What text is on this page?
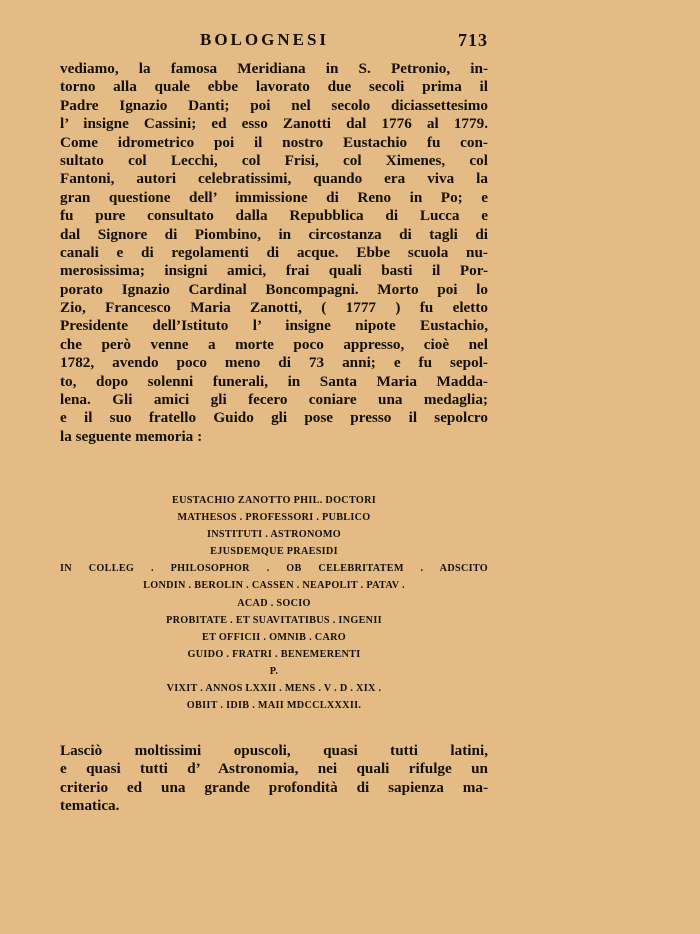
BOLOGNESI	713
vediamo, la famosa Meridiana in S. Petronio, in-
torno alla quale ebbe lavorato due secoli prima il
Padre Ignazio Danti; poi nel secolo diciassettesimo
l’ insigne Cassini; ed esso Zanotti dal 1776 al 1779.
Come idrometrico poi il nostro Eustachio fu con-
sultato col Lecchi, col Frisi, col Ximenes, col
Fantoni, autori celebratissimi, quando era viva la
gran questione dell’ immissione di Reno in Po; e
fu pure consultato dalla Repubblica di Lucca e
dal Signore di Piombino, in circostanza di tagli di
canali e di regolamenti di acque. Ebbe scuola nu-
merosissima; insigni amici, frai quali basti il Por-
porato Ignazio Cardinal Boncompagni. Morto poi lo
Zio, Francesco Maria Zanotti, ( 1777 ) fu eletto
Presidente dell’Istituto l’ insigne nipote Eustachio,
che però venne a morte poco appresso, cioè nel
1782, avendo poco meno di 73 anni; e fu sepol-
to, dopo solenni funerali, in Santa Maria Madda-
lena. Gli amici gli fecero coniare una medaglia;
e il suo fratello Guido gli pose presso il sepolcro
la seguente memoria :
EUSTACHIO ZANOTTO PHIL. DOCTORI
MATHESOS . PROFESSORI . PUBLICO
INSTITUTI . ASTRONOMO
EJUSDEMQUE PRAESIDI
IN COLLEG . PHILOSOPHOR . OB CELEBRITATEM . ADSCITO
LONDIN . BEROLIN . CASSEN . NEAPOLIT . PATAV .
ACAD . SOCIO
PROBITATE . ET SUAVITATIBUS . INGENII
ET OFFICII . OMNIB . CARO
GUIDO . FRATRI . BENEMERENTI
P.
VIXIT . ANNOS LXXII . MENS . V . D . XIX .
OBIIT . IDIB . MAII MDCCLXXXII.
Lasciò moltissimi opuscoli, quasi tutti latini,
e quasi tutti d’ Astronomia, nei quali rifulge un
criterio ed una grande profondità di sapienza ma-
tematica.
